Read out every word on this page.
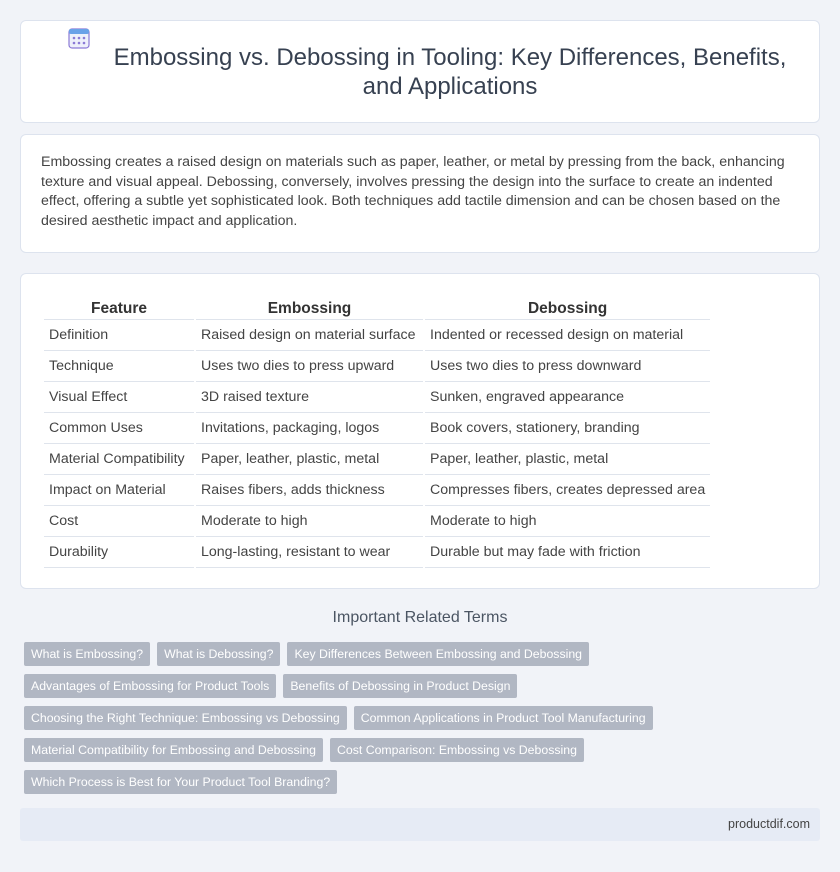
Embossing vs. Debossing in Tooling: Key Differences, Benefits, and Applications

Embossing creates a raised design on materials such as paper, leather, or metal by pressing from the back, enhancing texture and visual appeal. Debossing, conversely, involves pressing the design into the surface to create an indented effect, offering a subtle yet sophisticated look. Both techniques add tactile dimension and can be chosen based on the desired aesthetic impact and application.

Feature	Embossing	Debossing
Definition	Raised design on material surface	Indented or recessed design on material
Technique	Uses two dies to press upward	Uses two dies to press downward
Visual Effect	3D raised texture	Sunken, engraved appearance
Common Uses	Invitations, packaging, logos	Book covers, stationery, branding
Material Compatibility	Paper, leather, plastic, metal	Paper, leather, plastic, metal
Impact on Material	Raises fibers, adds thickness	Compresses fibers, creates depressed area
Cost	Moderate to high	Moderate to high
Durability	Long-lasting, resistant to wear	Durable but may fade with friction
Important Related Terms
What is Embossing? What is Debossing? Key Differences Between Embossing and Debossing
Advantages of Embossing for Product Tools Benefits of Debossing in Product Design
Choosing the Right Technique: Embossing vs Debossing Common Applications in Product Tool Manufacturing
Material Compatibility for Embossing and Debossing Cost Comparison: Embossing vs Debossing
Which Process is Best for Your Product Tool Branding?
productdif.com
